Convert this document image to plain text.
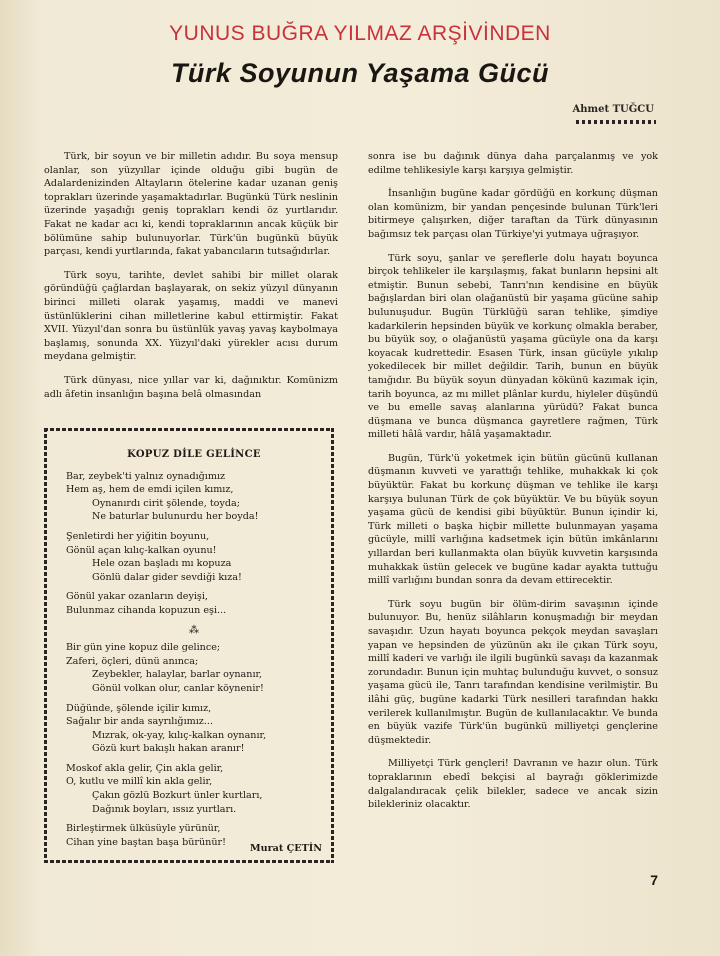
YUNUS BUĞRA YILMAZ ARŞİVİNDEN
Türk Soyunun Yaşama Gücü
Ahmet TUĞCU

Türk, bir soyun ve bir milletin adıdır. Bu soya mensup olanlar, son yüzyıllar içinde olduğu gibi bugün de Adalardenizinden Altayların ötelerine kadar uzanan geniş toprakları üzerinde yaşamaktadırlar. Bugünkü Türk neslinin üzerinde yaşadığı geniş toprakları kendi öz yurtlarıdır. Fakat ne kadar acı ki, kendi topraklarının ancak küçük bir bölümüne sahip bulunuyorlar. Türk'ün bugünkü büyük parçası, kendi yurtlarında, fakat yabancıların tutsağıdırlar.

Türk soyu, tarihte, devlet sahibi bir millet olarak göründüğü çağlardan başlayarak, on sekiz yüzyıl dünyanın birinci milleti olarak yaşamış, maddi ve manevi üstünlüklerini cihan milletlerine kabul ettirmiştir. Fakat XVII. Yüzyıl'dan sonra bu üstünlük yavaş yavaş kaybolmaya başlamış, sonunda XX. Yüzyıl'daki yürekler acısı durum meydana gelmiştir.

Türk dünyası, nice yıllar var ki, dağınıktır. Komünizm adlı âfetin insanlığın başına belâ olmasından

KOPUZ DİLE GELİNCE
Bar, zeybek'ti yalnız oynadığımız
Hem aş, hem de emdi içilen kımız,
Oynanırdı cirit şölende, toyda;
Ne baturlar bulunurdu her boyda!
Şenletirdi her yiğitin boyunu,
Gönül açan kılıç-kalkan oyunu!
Hele ozan başladı mı kopuza
Gönlü dalar gider sevdiği kıza!
Gönül yakar ozanların deyişi,
Bulunmaz cihanda kopuzun eşi...
⁂
Bir gün yine kopuz dile gelince;
Zaferi, öçleri, dünü anınca;
Zeybekler, halaylar, barlar oynanır,
Gönül volkan olur, canlar köynenir!
Düğünde, şölende içilir kımız,
Sağalır bir anda sayrılığımız...
Mızrak, ok-yay, kılıç-kalkan oynanır,
Gözü kurt bakışlı hakan aranır!
Moskof akla gelir, Çin akla gelir,
O, kutlu ve millî kin akla gelir,
Çakın gözlü Bozkurt ünler kurtları,
Dağınık boyları, ıssız yurtları.
Birleştirmek ülküsüyle yürünür,
Cihan yine baştan başa bürünür!
Murat ÇETİN

sonra ise bu dağınık dünya daha parçalanmış ve yok edilme tehlikesiyle karşı karşıya gelmiştir.

İnsanlığın bugüne kadar gördüğü en korkunç düşman olan komünizm, bir yandan pençesinde bulunan Türk'leri bitirmeye çalışırken, diğer taraftan da Türk dünyasının bağımsız tek parçası olan Türkiye'yi yutmaya uğraşıyor.

Türk soyu, şanlar ve şereflerle dolu hayatı boyunca birçok tehlikeler ile karşılaşmış, fakat bunların hepsini alt etmiştir. Bunun sebebi, Tanrı'nın kendisine en büyük bağışlardan biri olan olağanüstü bir yaşama gücüne sahip bulunuşudur. Bugün Türklüğü saran tehlike, şimdiye kadarkilerin hepsinden büyük ve korkunç olmakla beraber, bu büyük soy, o olağanüstü yaşama gücüyle ona da karşı koyacak kudrettedir. Esasen Türk, insan gücüyle yıkılıp yokedilecek bir millet değildir. Tarih, bunun en büyük tanığıdır. Bu büyük soyun dünyadan kökünü kazımak için, tarih boyunca, az mı millet plânlar kurdu, hiyleler düşündü ve bu emelle savaş alanlarına yürüdü? Fakat bunca düşmana ve bunca düşmanca gayretlere rağmen, Türk milleti hâlâ vardır, hâlâ yaşamaktadır.

Bugün, Türk'ü yoketmek için bütün gücünü kullanan düşmanın kuvveti ve yarattığı tehlike, muhakkak ki çok büyüktür. Fakat bu korkunç düşman ve tehlike ile karşı karşıya bulunan Türk de çok büyüktür. Ve bu büyük soyun yaşama gücü de kendisi gibi büyüktür. Bunun içindir ki, Türk milleti o başka hiçbir millette bulunmayan yaşama gücüyle, millî varlığına kadsetmek için bütün imkânlarını yıllardan beri kullanmakta olan büyük kuvvetin karşısında muhakkak üstün gelecek ve bugüne kadar ayakta tuttuğu millî varlığını bundan sonra da devam ettirecektir.

Türk soyu bugün bir ölüm-dirim savaşının içinde bulunuyor. Bu, henüz silâhların konuşmadığı bir meydan savaşıdır. Uzun hayatı boyunca pekçok meydan savaşları yapan ve hepsinden de yüzünün akı ile çıkan Türk soyu, millî kaderi ve varlığı ile ilgili bugünkü savaşı da kazanmak zorundadır. Bunun için muhtaç bulunduğu kuvvet, o sonsuz yaşama gücü ile, Tanrı tarafından kendisine verilmiştir. Bu ilâhi güç, bugüne kadarki Türk nesilleri tarafından hakkı verilerek kullanılmıştır. Bugün de kullanılacaktır. Ve bunda en büyük vazife Türk'ün bugünkü milliyetçi gençlerine düşmektedir.

Milliyetçi Türk gençleri! Davranın ve hazır olun. Türk topraklarının ebedî bekçisi al bayrağı göklerimizde dalgalandıracak çelik bilekler, sadece ve ancak sizin bilekleriniz olacaktır.

7
